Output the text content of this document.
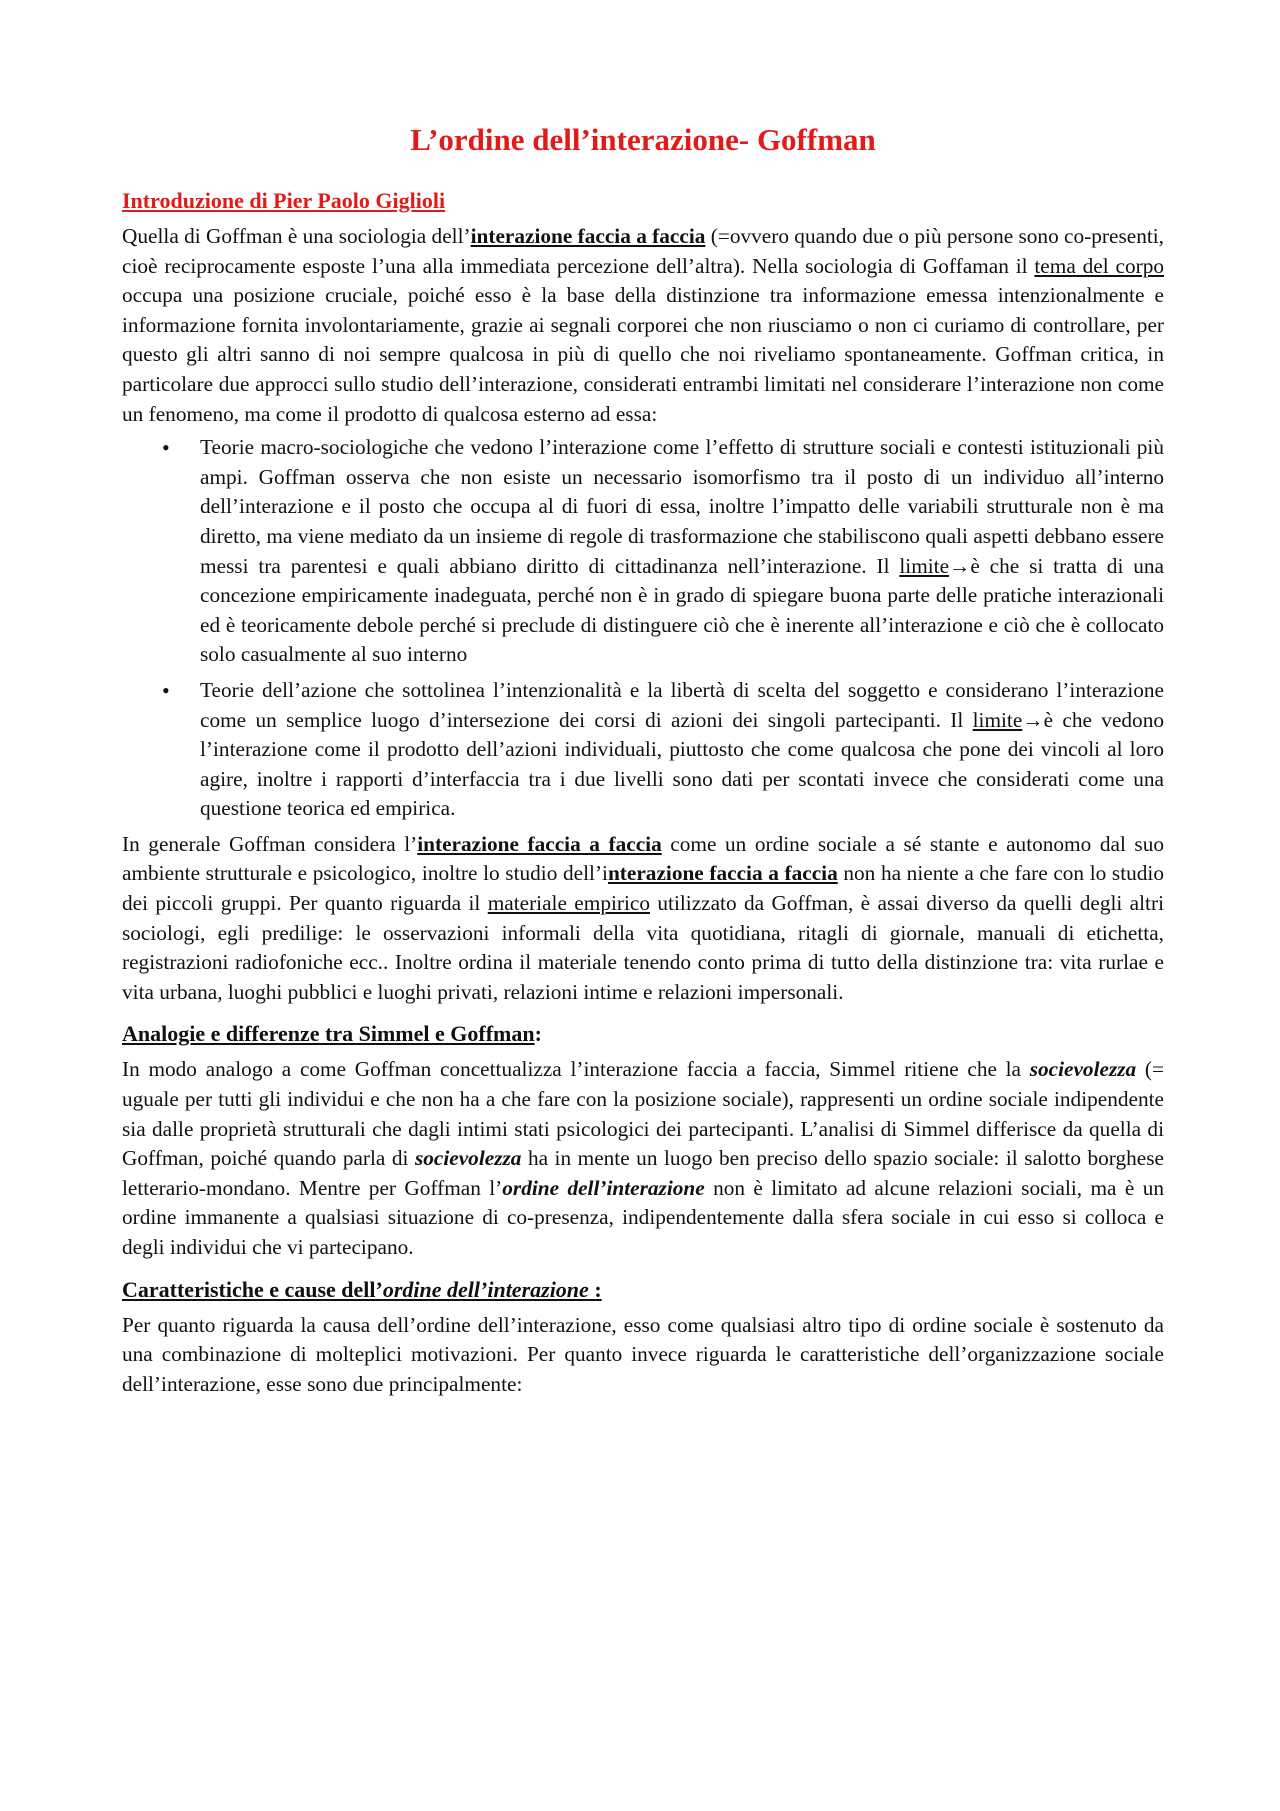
L’ordine dell’interazione- Goffman
Introduzione di Pier Paolo Giglioli

Quella di Goffman è una sociologia dell’interazione faccia a faccia (=ovvero quando due o più persone sono co-presenti, cioè reciprocamente esposte l’una alla immediata percezione dell’altra). Nella sociologia di Goffaman il tema del corpo occupa una posizione cruciale, poiché esso è la base della distinzione tra informazione emessa intenzionalmente e informazione fornita involontariamente, grazie ai segnali corporei che non riusciamo o non ci curiamo di controllare, per questo gli altri sanno di noi sempre qualcosa in più di quello che noi riveliamo spontaneamente. Goffman critica, in particolare due approcci sullo studio dell’interazione, considerati entrambi limitati nel considerare l’interazione non come un fenomeno, ma come il prodotto di qualcosa esterno ad essa:

• Teorie macro-sociologiche che vedono l’interazione come l’effetto di strutture sociali e contesti istituzionali più ampi. Goffman osserva che non esiste un necessario isomorfismo tra il posto di un individuo all’interno dell’interazione e il posto che occupa al di fuori di essa, inoltre l’impatto delle variabili strutturale non è ma diretto, ma viene mediato da un insieme di regole di trasformazione che stabiliscono quali aspetti debbano essere messi tra parentesi e quali abbiano diritto di cittadinanza nell’interazione. Il limite→è che si tratta di una concezione empiricamente inadeguata, perché non è in grado di spiegare buona parte delle pratiche interazionali ed è teoricamente debole perché si preclude di distinguere ciò che è inerente all’interazione e ciò che è collocato solo casualmente al suo interno
• Teorie dell’azione che sottolinea l’intenzionalità e la libertà di scelta del soggetto e considerano l’interazione come un semplice luogo d’intersezione dei corsi di azioni dei singoli partecipanti. Il limite→è che vedono l’interazione come il prodotto dell’azioni individuali, piuttosto che come qualcosa che pone dei vincoli al loro agire, inoltre i rapporti d’interfaccia tra i due livelli sono dati per scontati invece che considerati come una questione teorica ed empirica.

In generale Goffman considera l’interazione faccia a faccia come un ordine sociale a sé stante e autonomo dal suo ambiente strutturale e psicologico, inoltre lo studio dell’interazione faccia a faccia non ha niente a che fare con lo studio dei piccoli gruppi. Per quanto riguarda il materiale empirico utilizzato da Goffman, è assai diverso da quelli degli altri sociologi, egli predilige: le osservazioni informali della vita quotidiana, ritagli di giornale, manuali di etichetta, registrazioni radiofoniche ecc.. Inoltre ordina il materiale tenendo conto prima di tutto della distinzione tra: vita rurlae e vita urbana, luoghi pubblici e luoghi privati, relazioni intime e relazioni impersonali.

Analogie e differenze tra Simmel e Goffman:

In modo analogo a come Goffman concettualizza l’interazione faccia a faccia, Simmel ritiene che la socievolezza (= uguale per tutti gli individui e che non ha a che fare con la posizione sociale), rappresenti un ordine sociale indipendente sia dalle proprietà strutturali che dagli intimi stati psicologici dei partecipanti. L’analisi di Simmel differisce da quella di Goffman, poiché quando parla di socievolezza ha in mente un luogo ben preciso dello spazio sociale: il salotto borghese letterario-mondano. Mentre per Goffman l’ordine dell’interazione non è limitato ad alcune relazioni sociali, ma è un ordine immanente a qualsiasi situazione di co-presenza, indipendentemente dalla sfera sociale in cui esso si colloca e degli individui che vi partecipano.

Caratteristiche e cause dell’ordine dell’interazione :

Per quanto riguarda la causa dell’ordine dell’interazione, esso come qualsiasi altro tipo di ordine sociale è sostenuto da una combinazione di molteplici motivazioni. Per quanto invece riguarda le caratteristiche dell’organizzazione sociale dell’interazione, esse sono due principalmente:
